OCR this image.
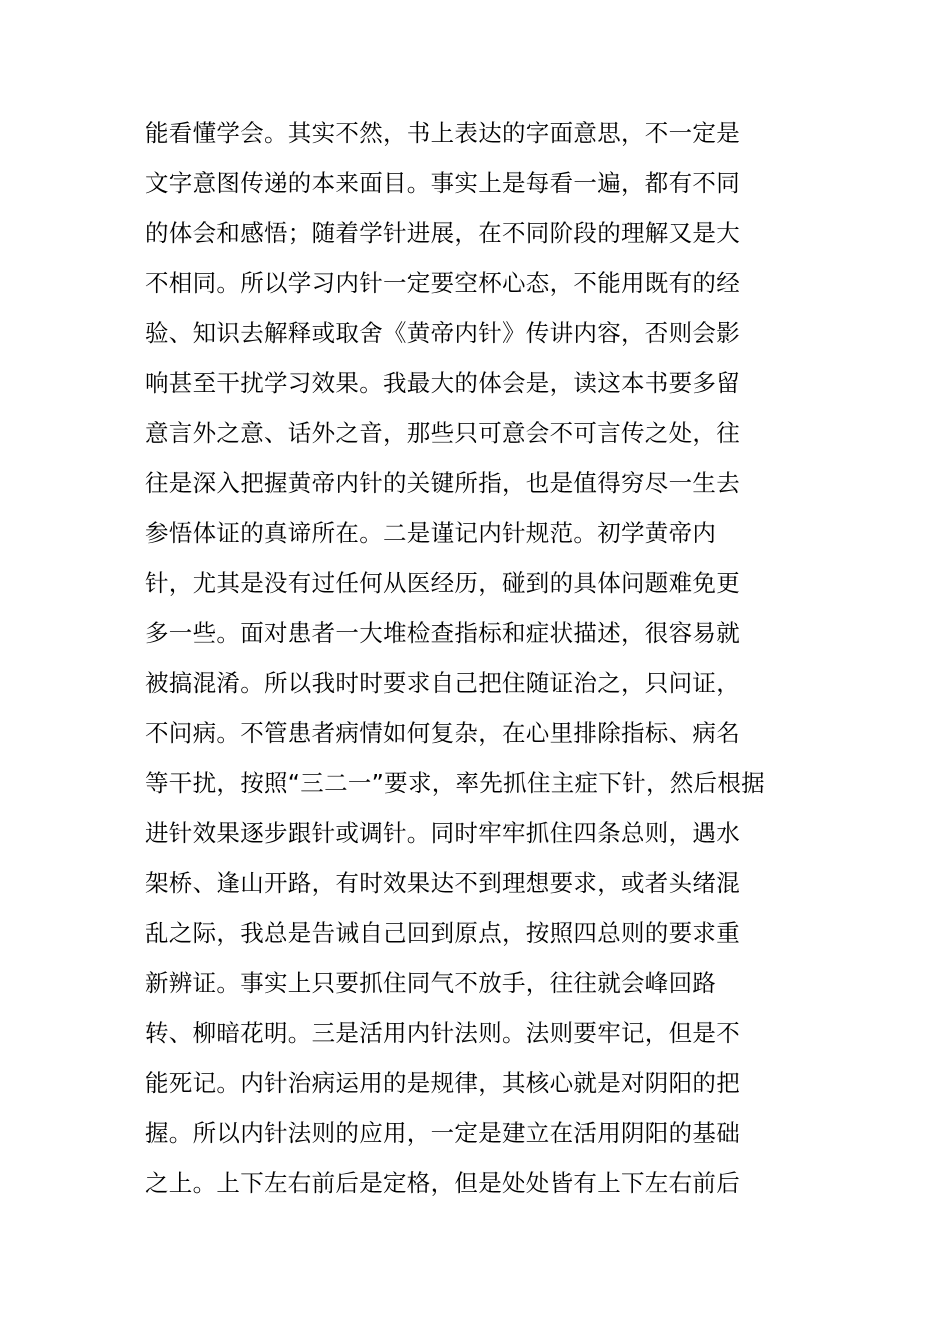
能看懂学会。其实不然，书上表达的字面意思，不一定是
文字意图传递的本来面目。事实上是每看一遍，都有不同
的体会和感悟；随着学针进展，在不同阶段的理解又是大
不相同。所以学习内针一定要空杯心态，不能用既有的经
验、知识去解释或取舍《黄帝内针》传讲内容，否则会影
响甚至干扰学习效果。我最大的体会是，读这本书要多留
意言外之意、话外之音，那些只可意会不可言传之处，往
往是深入把握黄帝内针的关键所指，也是值得穷尽一生去
参悟体证的真谛所在。二是谨记内针规范。初学黄帝内
针，尤其是没有过任何从医经历，碰到的具体问题难免更
多一些。面对患者一大堆检查指标和症状描述，很容易就
被搞混淆。所以我时时要求自己把住随证治之，只问证，
不问病。不管患者病情如何复杂，在心里排除指标、病名
等干扰，按照“三二一”要求，率先抓住主症下针，然后根据
进针效果逐步跟针或调针。同时牢牢抓住四条总则，遇水
架桥、逢山开路，有时效果达不到理想要求，或者头绪混
乱之际，我总是告诫自己回到原点，按照四总则的要求重
新辨证。事实上只要抓住同气不放手，往往就会峰回路
转、柳暗花明。三是活用内针法则。法则要牢记，但是不
能死记。内针治病运用的是规律，其核心就是对阴阳的把
握。所以内针法则的应用，一定是建立在活用阴阳的基础
之上。上下左右前后是定格，但是处处皆有上下左右前后
